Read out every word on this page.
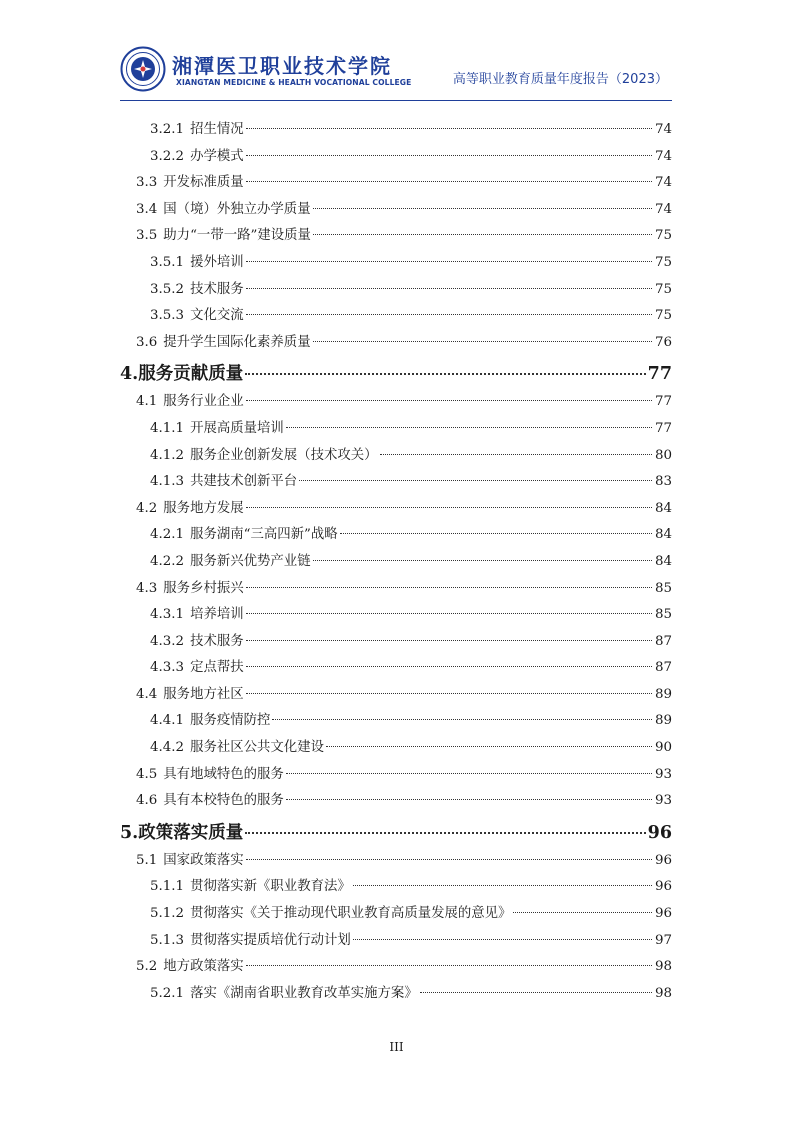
湘潭医卫职业技术学院
XIANGTAN MEDICINE & HEALTH VOCATIONAL COLLEGE	高等职业教育质量年度报告（2023）
3.2.1 招生情况	74
3.2.2 办学模式	74
3.3 开发标准质量	74
3.4 国（境）外独立办学质量	74
3.5 助力“一带一路”建设质量	75
3.5.1 援外培训	75
3.5.2 技术服务	75
3.5.3 文化交流	75
3.6 提升学生国际化素养质量	76
4. 服务贡献质量	77
4.1 服务行业企业	77
4.1.1 开展高质量培训	77
4.1.2 服务企业创新发展（技术攻关）	80
4.1.3 共建技术创新平台	83
4.2 服务地方发展	84
4.2.1 服务湖南“三高四新”战略	84
4.2.2 服务新兴优势产业链	84
4.3 服务乡村振兴	85
4.3.1 培养培训	85
4.3.2 技术服务	87
4.3.3 定点帮扶	87
4.4 服务地方社区	89
4.4.1 服务疫情防控	89
4.4.2 服务社区公共文化建设	90
4.5 具有地域特色的服务	93
4.6 具有本校特色的服务	93
5. 政策落实质量	96
5.1 国家政策落实	96
5.1.1 贯彻落实新《职业教育法》	96
5.1.2 贯彻落实《关于推动现代职业教育高质量发展的意见》	96
5.1.3 贯彻落实提质培优行动计划	97
5.2 地方政策落实	98
5.2.1 落实《湖南省职业教育改革实施方案》	98
III
